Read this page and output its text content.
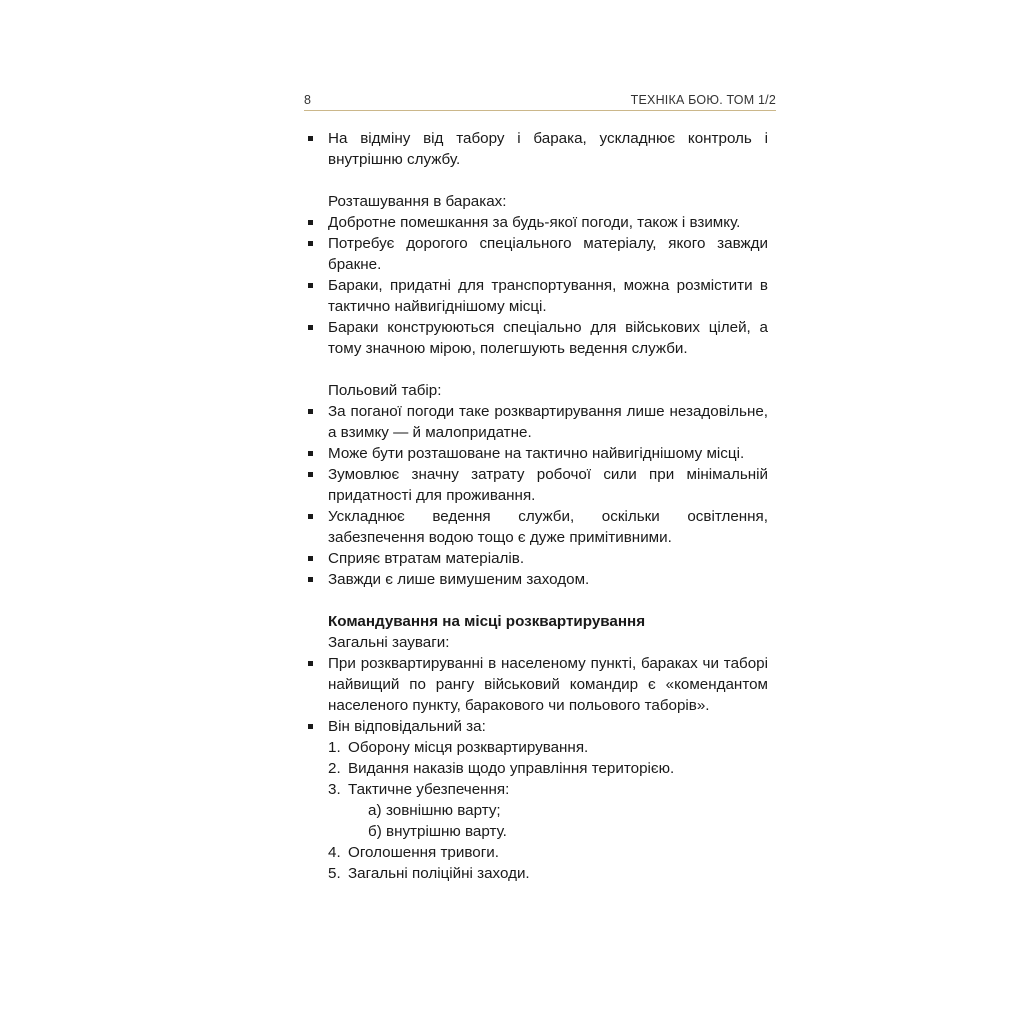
8	ТЕХНІКА БОЮ. ТОМ 1/2
На відміну від табору і барака, ускладнює контроль і внутрішню службу.
Розташування в бараках:
Добротне помешкання за будь-якої погоди, також і взимку.
Потребує дорогого спеціального матеріалу, якого завжди бракне.
Бараки, придатні для транспортування, можна розмістити в тактично найвигіднішому місці.
Бараки конструюються спеціально для військових цілей, а тому значною мірою, полегшують ведення служби.
Польовий табір:
За поганої погоди таке розквартирування лише незадовільне, а взимку — й малопридатне.
Може бути розташоване на тактично найвигіднішому місці.
Зумовлює значну затрату робочої сили при мінімальній придатності для проживання.
Ускладнює ведення служби, оскільки освітлення, забезпечення водою тощо є дуже примітивними.
Сприяє втратам матеріалів.
Завжди є лише вимушеним заходом.
Командування на місці розквартирування
Загальні зауваги:
При розквартируванні в населеному пункті, бараках чи таборі найвищий по рангу військовий командир є «комендантом населеного пункту, баракового чи польового таборів».
Він відповідальний за:
1. Оборону місця розквартирування.
2. Видання наказів щодо управління територією.
3. Тактичне убезпечення:
а) зовнішню варту;
б) внутрішню варту.
4. Оголошення тривоги.
5. Загальні поліційні заходи.
